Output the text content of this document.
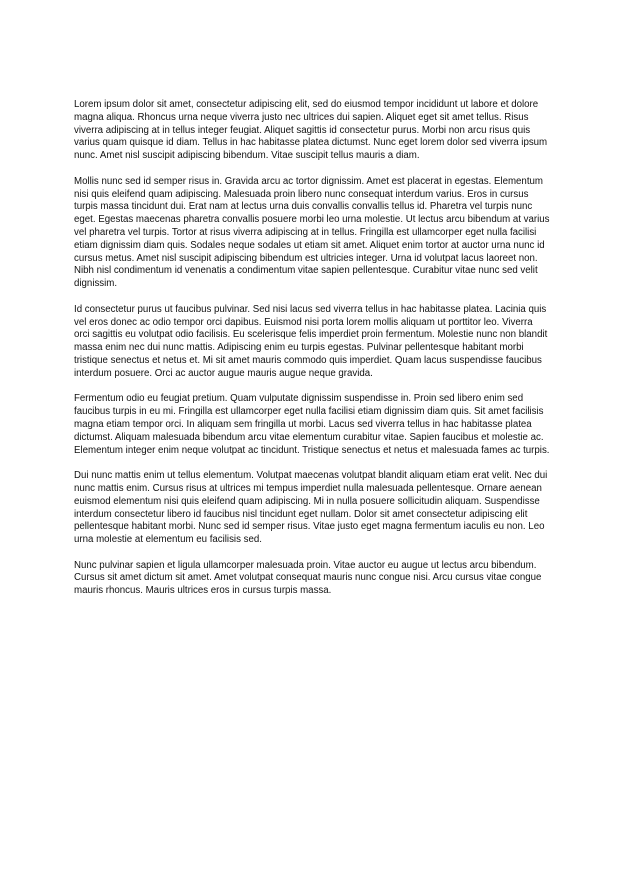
Lorem ipsum dolor sit amet, consectetur adipiscing elit, sed do eiusmod tempor incididunt ut labore et dolore magna aliqua. Rhoncus urna neque viverra justo nec ultrices dui sapien. Aliquet eget sit amet tellus. Risus viverra adipiscing at in tellus integer feugiat. Aliquet sagittis id consectetur purus. Morbi non arcu risus quis varius quam quisque id diam. Tellus in hac habitasse platea dictumst. Nunc eget lorem dolor sed viverra ipsum nunc. Amet nisl suscipit adipiscing bibendum. Vitae suscipit tellus mauris a diam.

Mollis nunc sed id semper risus in. Gravida arcu ac tortor dignissim. Amet est placerat in egestas. Elementum nisi quis eleifend quam adipiscing. Malesuada proin libero nunc consequat interdum varius. Eros in cursus turpis massa tincidunt dui. Erat nam at lectus urna duis convallis convallis tellus id. Pharetra vel turpis nunc eget. Egestas maecenas pharetra convallis posuere morbi leo urna molestie. Ut lectus arcu bibendum at varius vel pharetra vel turpis. Tortor at risus viverra adipiscing at in tellus. Fringilla est ullamcorper eget nulla facilisi etiam dignissim diam quis. Sodales neque sodales ut etiam sit amet. Aliquet enim tortor at auctor urna nunc id cursus metus. Amet nisl suscipit adipiscing bibendum est ultricies integer. Urna id volutpat lacus laoreet non. Nibh nisl condimentum id venenatis a condimentum vitae sapien pellentesque. Curabitur vitae nunc sed velit dignissim.

Id consectetur purus ut faucibus pulvinar. Sed nisi lacus sed viverra tellus in hac habitasse platea. Lacinia quis vel eros donec ac odio tempor orci dapibus. Euismod nisi porta lorem mollis aliquam ut porttitor leo. Viverra orci sagittis eu volutpat odio facilisis. Eu scelerisque felis imperdiet proin fermentum. Molestie nunc non blandit massa enim nec dui nunc mattis. Adipiscing enim eu turpis egestas. Pulvinar pellentesque habitant morbi tristique senectus et netus et. Mi sit amet mauris commodo quis imperdiet. Quam lacus suspendisse faucibus interdum posuere. Orci ac auctor augue mauris augue neque gravida.

Fermentum odio eu feugiat pretium. Quam vulputate dignissim suspendisse in. Proin sed libero enim sed faucibus turpis in eu mi. Fringilla est ullamcorper eget nulla facilisi etiam dignissim diam quis. Sit amet facilisis magna etiam tempor orci. In aliquam sem fringilla ut morbi. Lacus sed viverra tellus in hac habitasse platea dictumst. Aliquam malesuada bibendum arcu vitae elementum curabitur vitae. Sapien faucibus et molestie ac. Elementum integer enim neque volutpat ac tincidunt. Tristique senectus et netus et malesuada fames ac turpis.

Dui nunc mattis enim ut tellus elementum. Volutpat maecenas volutpat blandit aliquam etiam erat velit. Nec dui nunc mattis enim. Cursus risus at ultrices mi tempus imperdiet nulla malesuada pellentesque. Ornare aenean euismod elementum nisi quis eleifend quam adipiscing. Mi in nulla posuere sollicitudin aliquam. Suspendisse interdum consectetur libero id faucibus nisl tincidunt eget nullam. Dolor sit amet consectetur adipiscing elit pellentesque habitant morbi. Nunc sed id semper risus. Vitae justo eget magna fermentum iaculis eu non. Leo urna molestie at elementum eu facilisis sed.

Nunc pulvinar sapien et ligula ullamcorper malesuada proin. Vitae auctor eu augue ut lectus arcu bibendum. Cursus sit amet dictum sit amet. Amet volutpat consequat mauris nunc congue nisi. Arcu cursus vitae congue mauris rhoncus. Mauris ultrices eros in cursus turpis massa.
